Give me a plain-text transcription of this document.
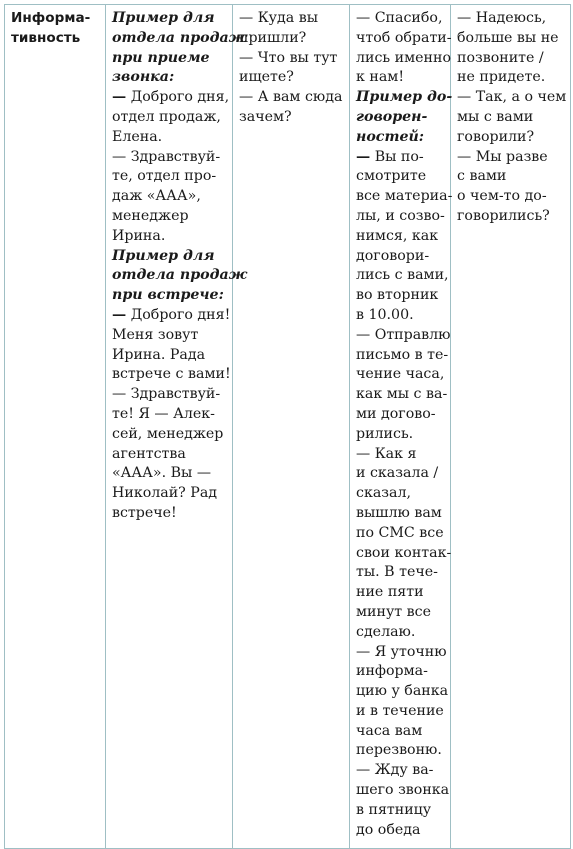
Информа-
тивность

Пример для
отдела продаж
при приеме
звонка:
— Доброго дня,
отдел продаж,
Елена.
— Здравствуй-
те, отдел про-
даж «ААА»,
менеджер
Ирина.
Пример для
отдела продаж
при встрече:
— Доброго дня!
Меня зовут
Ирина. Рада
встрече с вами!
— Здравствуй-
те! Я — Алек-
сей, менеджер
агентства
«ААА». Вы —
Николай? Рад
встрече!

— Куда вы
пришли?
— Что вы тут
ищете?
— А вам сюда
зачем?

— Спасибо,
чтоб обрати-
лись именно
к нам!
Пример до-
говорен-
ностей:
— Вы по-
смотрите
все материа-
лы, и созво-
нимся, как
договори-
лись с вами,
во вторник
в 10.00.
— Отправлю
письмо в те-
чение часа,
как мы с ва-
ми догово-
рились.
— Как я
и сказала /
сказал,
вышлю вам
по СМС все
свои контак-
ты. В тече-
ние пяти
минут все
сделаю.
— Я уточню
информа-
цию у банка
и в течение
часа вам
перезвоню.
— Жду ва-
шего звонка
в пятницу
до обеда

— Надеюсь,
больше вы не
позвоните /
не придете.
— Так, а о чем
мы с вами
говорили?
— Мы разве
с вами
о чем-то до-
говорились?
